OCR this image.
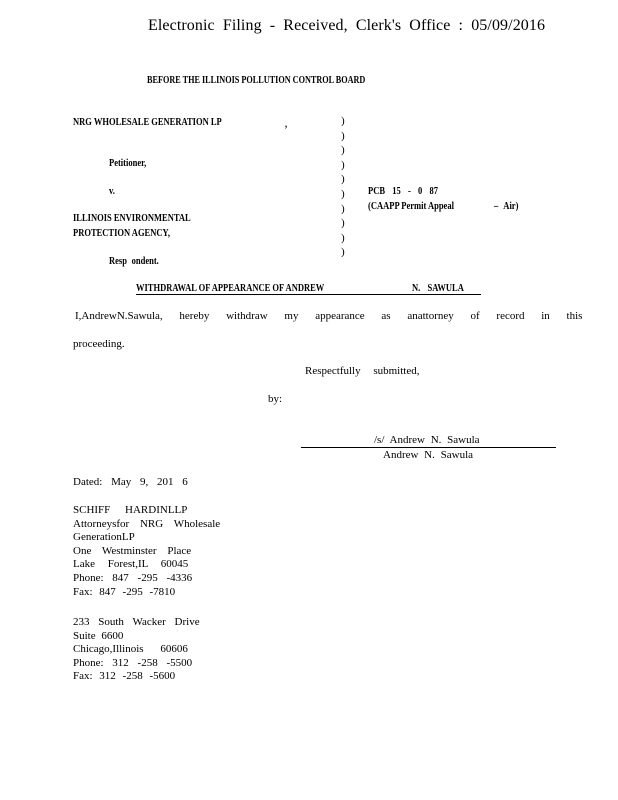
Electronic Filing - Received, Clerk's Office : 05/09/2016
BEFORE THE ILLINOIS POLLUTION CONTROL BOARD
NRG WHOLESALE GENERATION LP	,
Petitioner,
v.
ILLINOIS ENVIRONMENTAL
PROTECTION AGENCY,
Resp ondent.
)
)
)
)
)
)
)
)
)
)
PCB 15 - 0 87
(CAAPP Permit Appeal	– Air)
WITHDRAWAL OF APPEARANCE OF ANDREW	N. SAWULA
I,AndrewN.Sawula, hereby withdraw my appearance as anattorney of record in this
proceeding.
Respectfully submitted,
by:
/s/ Andrew N. Sawula
Andrew N. Sawula
Dated: May 9, 201 6
SCHIFF HARDINLLP
Attorneysfor NRG Wholesale
GenerationLP
One Westminster Place
Lake Forest,IL 60045
Phone: 847 -295 -4336
Fax: 847 -295 -7810
233 South Wacker Drive
Suite 6600
Chicago,Illinois 60606
Phone: 312 -258 -5500
Fax: 312 -258 -5600
